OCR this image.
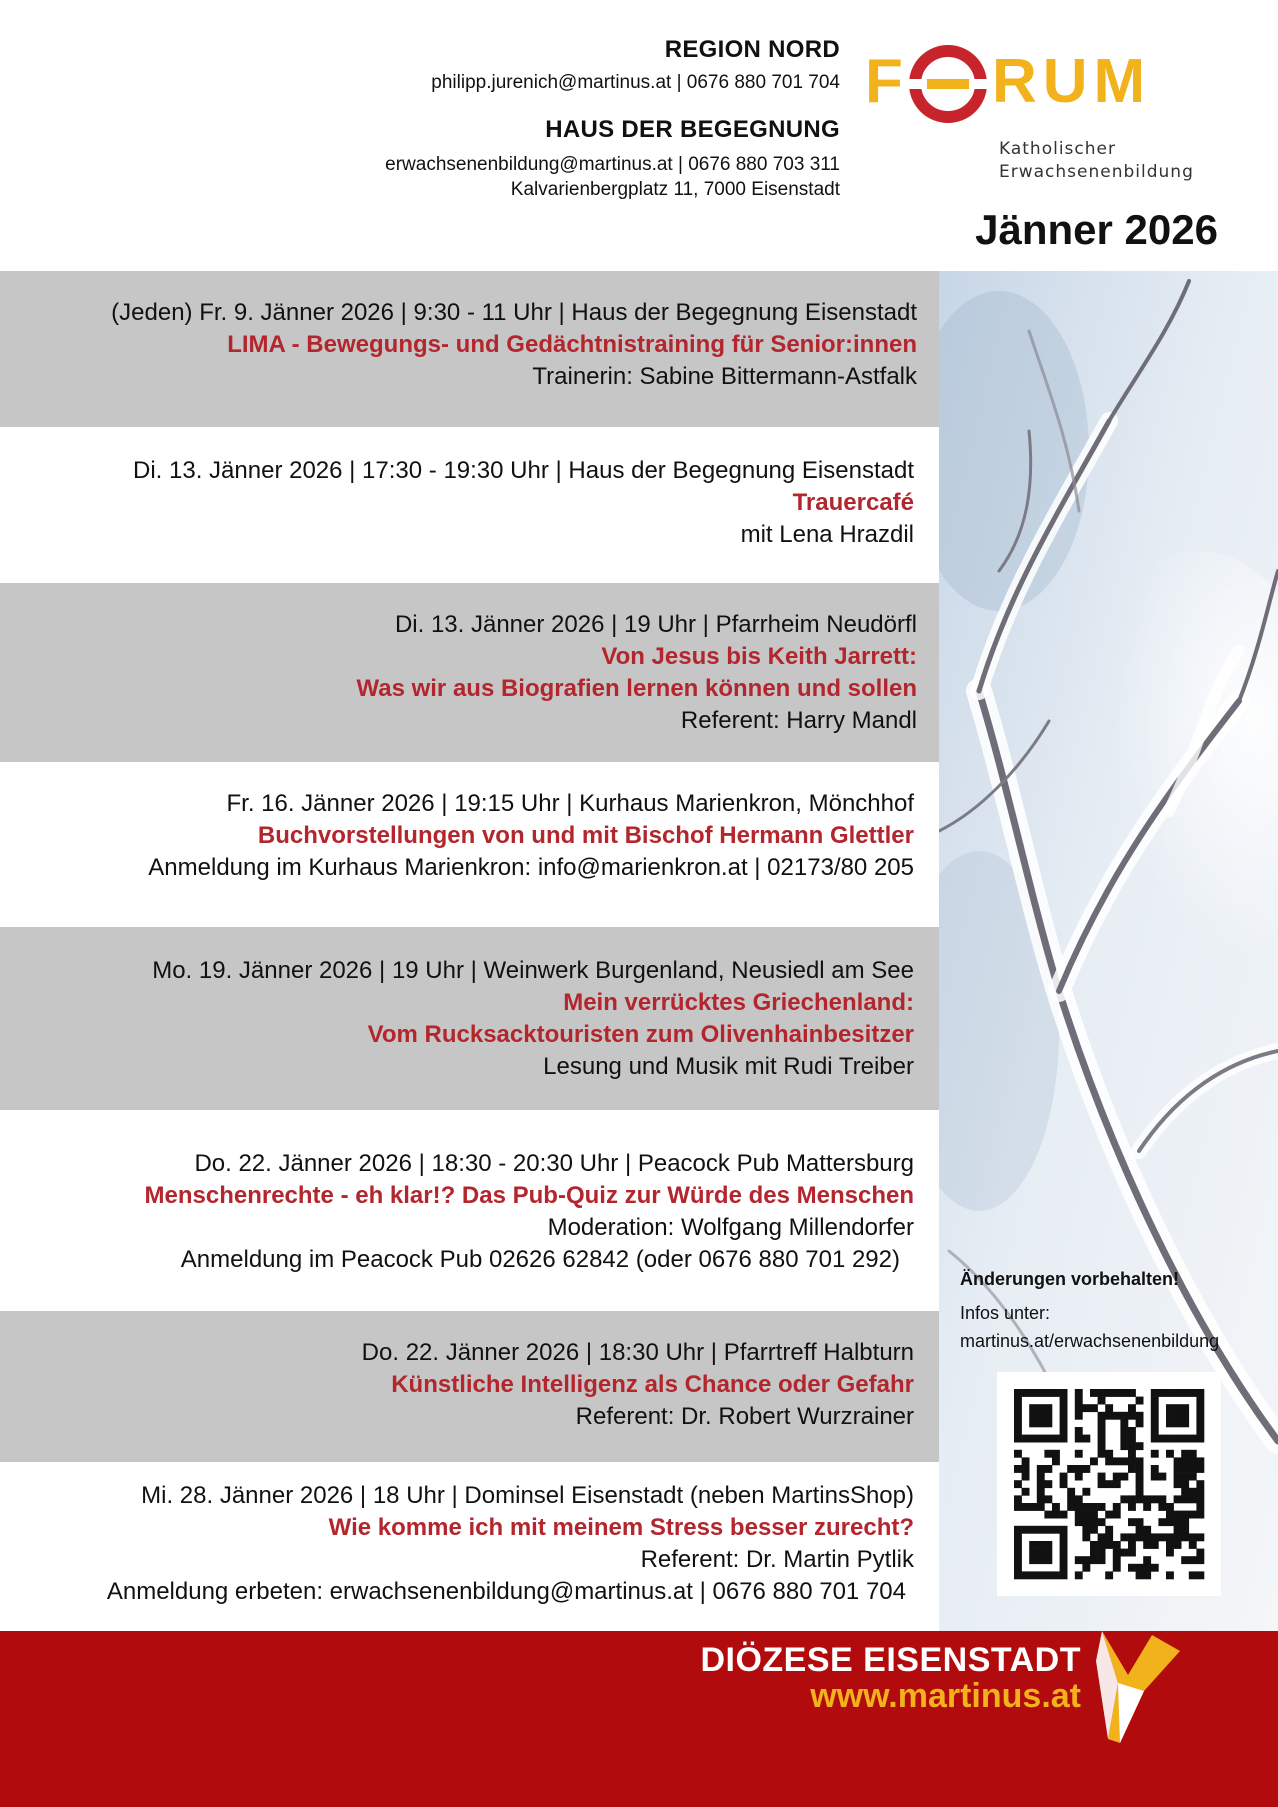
REGION NORD
philipp.jurenich@martinus.at | 0676 880 701 704
HAUS DER BEGEGNUNG
erwachsenenbildung@martinus.at | 0676 880 703 311
Kalvarienbergplatz 11, 7000 Eisenstadt
F RUM
Katholischer
Erwachsenenbildung
Jänner 2026
Änderungen vorbehalten!
Infos unter:
martinus.at/erwachsenenbildung
(Jeden) Fr. 9. Jänner 2026 | 9:30 - 11 Uhr | Haus der Begegnung Eisenstadt
LIMA - Bewegungs- und Gedächtnistraining für Senior:innen
Trainerin: Sabine Bittermann-Astfalk
Di. 13. Jänner 2026 | 17:30 - 19:30 Uhr | Haus der Begegnung Eisenstadt
Trauercafé
mit Lena Hrazdil
Di. 13. Jänner 2026 | 19 Uhr | Pfarrheim Neudörfl
Von Jesus bis Keith Jarrett:
Was wir aus Biografien lernen können und sollen
Referent: Harry Mandl
Fr. 16. Jänner 2026 | 19:15 Uhr | Kurhaus Marienkron, Mönchhof
Buchvorstellungen von und mit Bischof Hermann Glettler
Anmeldung im Kurhaus Marienkron: info@marienkron.at | 02173/80 205
Mo. 19. Jänner 2026 | 19 Uhr | Weinwerk Burgenland, Neusiedl am See
Mein verrücktes Griechenland:
Vom Rucksacktouristen zum Olivenhainbesitzer
Lesung und Musik mit Rudi Treiber
Do. 22. Jänner 2026 | 18:30 - 20:30 Uhr | Peacock Pub Mattersburg
Menschenrechte - eh klar!? Das Pub-Quiz zur Würde des Menschen
Moderation: Wolfgang Millendorfer
Anmeldung im Peacock Pub 02626 62842 (oder 0676 880 701 292)
Do. 22. Jänner 2026 | 18:30 Uhr | Pfarrtreff Halbturn
Künstliche Intelligenz als Chance oder Gefahr
Referent: Dr. Robert Wurzrainer
Mi. 28. Jänner 2026 | 18 Uhr | Dominsel Eisenstadt (neben MartinsShop)
Wie komme ich mit meinem Stress besser zurecht?
Referent: Dr. Martin Pytlik
Anmeldung erbeten: erwachsenenbildung@martinus.at | 0676 880 701 704
DIÖZESE EISENSTADT
www.martinus.at
